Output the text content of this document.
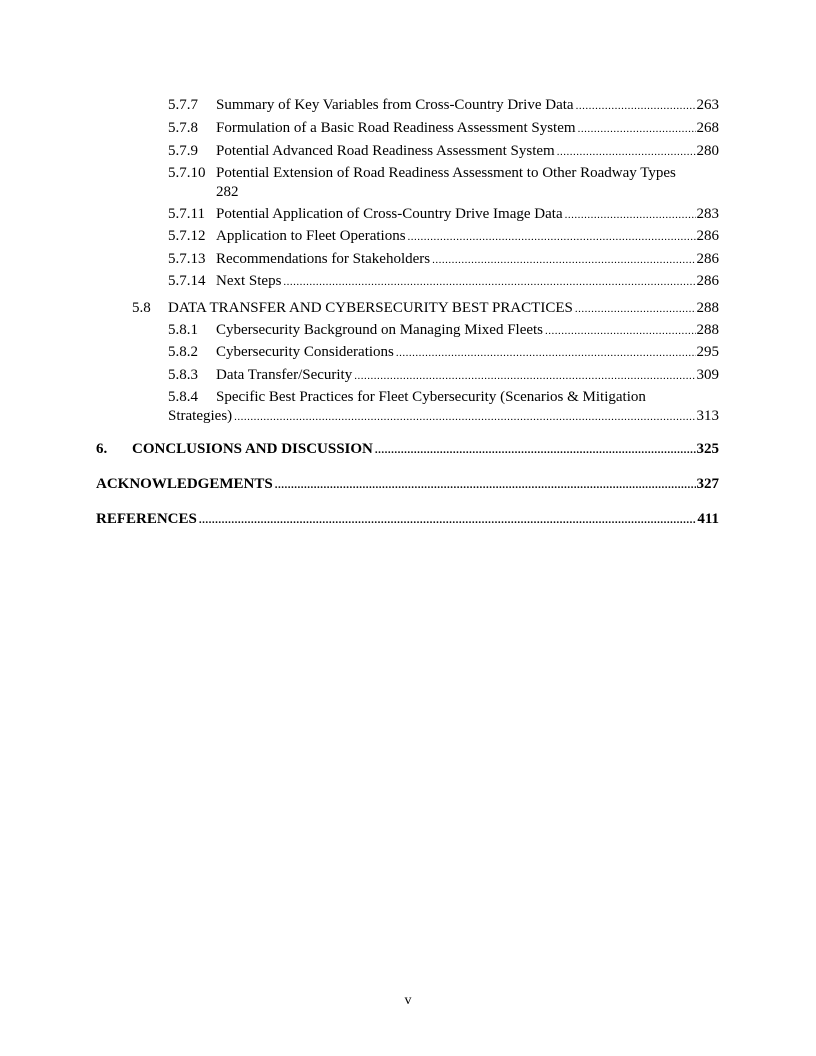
5.7.7	Summary of Key Variables from Cross-Country Drive Data .....	263
5.7.8	Formulation of a Basic Road Readiness Assessment System .....	268
5.7.9	Potential Advanced Road Readiness Assessment System .....	280
5.7.10 Potential Extension of Road Readiness Assessment to Other Roadway Types
282
5.7.11 Potential Application of Cross-Country Drive Image Data .....	283
5.7.12 Application to Fleet Operations .....	286
5.7.13 Recommendations for Stakeholders .....	286
5.7.14 Next Steps .....	286
5.8	DATA TRANSFER AND CYBERSECURITY BEST PRACTICES .....	288
5.8.1	Cybersecurity Background on Managing Mixed Fleets .....	288
5.8.2	Cybersecurity Considerations .....	295
5.8.3	Data Transfer/Security .....	309
5.8.4	Specific Best Practices for Fleet Cybersecurity (Scenarios & Mitigation
Strategies) .....	313
6.	CONCLUSIONS AND DISCUSSION .....	325
ACKNOWLEDGEMENTS .....	327
REFERENCES .....	411
v
